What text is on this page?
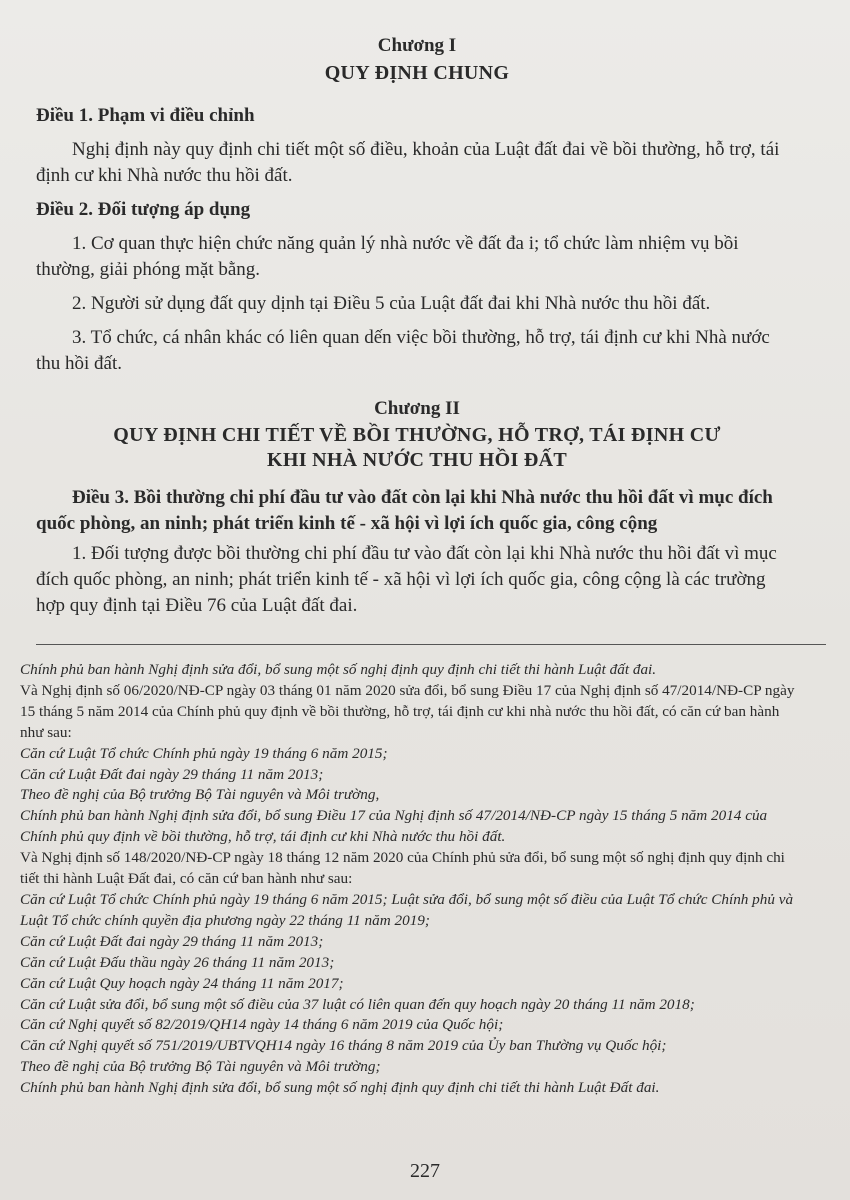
Chương I
QUY ĐỊNH CHUNG
Điều 1. Phạm vi điều chỉnh

Nghị định này quy định chi tiết một số điều, khoản của Luật đất đai về bồi thường, hỗ trợ, tái định cư khi Nhà nước thu hồi đất.

Điều 2. Đối tượng áp dụng

1. Cơ quan thực hiện chức năng quản lý nhà nước về đất đa i; tổ chức làm nhiệm vụ bồi thường, giải phóng mặt bằng.

2. Người sử dụng đất quy dịnh tại Điều 5 của Luật đất đai khi Nhà nước thu hồi đất.

3. Tổ chức, cá nhân khác có liên quan dến việc bồi thường, hỗ trợ, tái định cư khi Nhà nước thu hồi đất.

Chương II
QUY ĐỊNH CHI TIẾT VỀ BỒI THƯỜNG, HỖ TRỢ, TÁI ĐỊNH CƯ
KHI NHÀ NƯỚC THU HỒI ĐẤT
Điều 3. Bồi thường chi phí đầu tư vào đất còn lại khi Nhà nước thu hồi đất vì mục đích quốc phòng, an ninh; phát triển kinh tế - xã hội vì lợi ích quốc gia, công cộng

1. Đối tượng được bồi thường chi phí đầu tư vào đất còn lại khi Nhà nước thu hồi đất vì mục đích quốc phòng, an ninh; phát triển kinh tế - xã hội vì lợi ích quốc gia, công cộng là các trường hợp quy định tại Điều 76 của Luật đất đai.

Chính phủ ban hành Nghị định sửa đổi, bổ sung một số nghị định quy định chi tiết thi hành Luật đất đai.

Và Nghị định số 06/2020/NĐ-CP ngày 03 tháng 01 năm 2020 sửa đổi, bổ sung Điều 17 của Nghị định số 47/2014/NĐ-CP ngày 15 tháng 5 năm 2014 của Chính phủ quy định về bồi thường, hỗ trợ, tái định cư khi nhà nước thu hồi đất, có căn cứ ban hành như sau:

Căn cứ Luật Tổ chức Chính phủ ngày 19 tháng 6 năm 2015;

Căn cứ Luật Đất đai ngày 29 tháng 11 năm 2013;

Theo đề nghị của Bộ trưởng Bộ Tài nguyên và Môi trường,

Chính phủ ban hành Nghị định sửa đổi, bổ sung Điều 17 của Nghị định số 47/2014/NĐ-CP ngày 15 tháng 5 năm 2014 của Chính phủ quy định về bồi thường, hỗ trợ, tái định cư khi Nhà nước thu hồi đất.

Và Nghị định số 148/2020/NĐ-CP ngày 18 tháng 12 năm 2020 của Chính phủ sửa đổi, bổ sung một số nghị định quy định chi tiết thi hành Luật Đất đai, có căn cứ ban hành như sau:

Căn cứ Luật Tổ chức Chính phủ ngày 19 tháng 6 năm 2015; Luật sửa đổi, bổ sung một số điều của Luật Tổ chức Chính phủ và Luật Tổ chức chính quyền địa phương ngày 22 tháng 11 năm 2019;

Căn cứ Luật Đất đai ngày 29 tháng 11 năm 2013;

Căn cứ Luật Đấu thầu ngày 26 tháng 11 năm 2013;

Căn cứ Luật Quy hoạch ngày 24 tháng 11 năm 2017;

Căn cứ Luật sửa đổi, bổ sung một số điều của 37 luật có liên quan đến quy hoạch ngày 20 tháng 11 năm 2018;

Căn cứ Nghị quyết số 82/2019/QH14 ngày 14 tháng 6 năm 2019 của Quốc hội;

Căn cứ Nghị quyết số 751/2019/UBTVQH14 ngày 16 tháng 8 năm 2019 của Ủy ban Thường vụ Quốc hội;

Theo đề nghị của Bộ trưởng Bộ Tài nguyên và Môi trường;

Chính phủ ban hành Nghị định sửa đổi, bổ sung một số nghị định quy định chi tiết thi hành Luật Đất đai.

227
